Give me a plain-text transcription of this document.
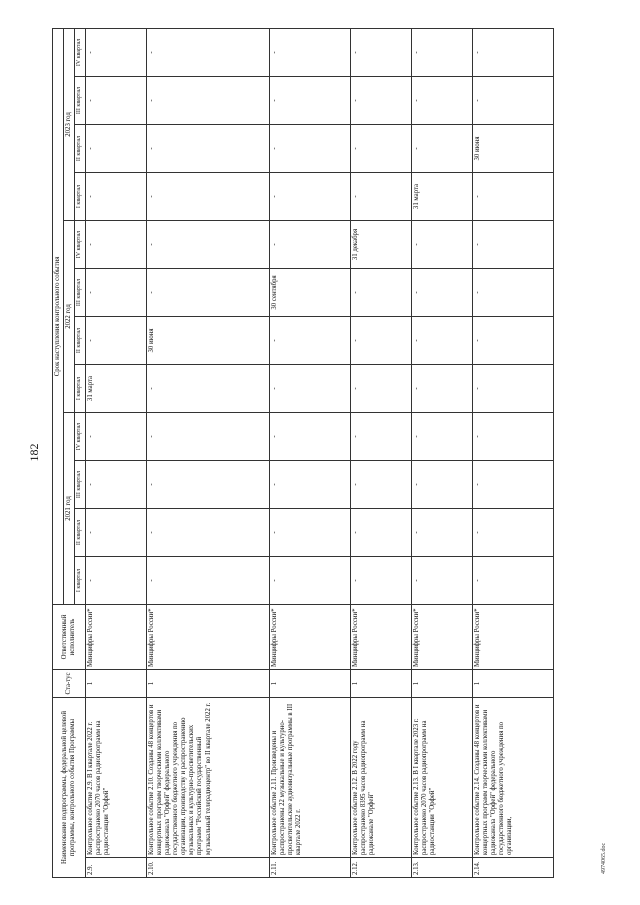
182
Наименование подпрограммы, федеральной целевой программы, контрольного события Программы		Ста-тус	Ответственный исполнитель	Срок наступления контрольного события											
				2021 год				2022 год				2023 год			
				I квартал	II квартал	III квартал	IV квартал	I квартал	II квартал	III квартал	IV квартал	I квартал	II квартал	III квартал	IV квартал
2.9.	Контрольное событие 2.9. В I квартале 2022 г. распространено 2070 часов радиопрограмм на радиостанции "Орфей"	1	Минцифры России*	-	-	-	-	31 марта	-	-	-	-	-	-	-
2.10.	Контрольное событие 2.10. Созданы 48 концертов и концертных программ творческими коллективами радиоканала "Орфей" федерального государственного бюджетного учреждения по организации, производству и распространению музыкальных и культурно-просветительских программ "Российский государственный музыкальный телерадиоцентр" во II квартале 2022 г.	1	Минцифры России*	-	-	-	-	-	30 июня	-	-	-	-	-	-
2.11.	Контрольное событие 2.11. Произведены и распространены 22 музыкальные и культурно-просветительские аудиовизуальные программы в III квартале 2022 г.	1	Минцифры России*	-	-	-	-	-	-	30 сентября	-	-	-	-	-
2.12.	Контрольное событие 2.12. В 2022 году распространено 8395 часов радиопрограмм на радиоканале "Орфей"	1	Минцифры России*	-	-	-	-	-	-	-	31 декабря	-	-	-	-
2.13.	Контрольное событие 2.13. В I квартале 2023 г. распространено 2070 часов радиопрограмм на радиостанции "Орфей"	1	Минцифры России*	-	-	-	-	-	-	-	-	31 марта	-	-	-
2.14.	Контрольное событие 2.14. Созданы 48 концертов и концертных программ творческими коллективами радиоканала "Орфей" федерального государственного бюджетного учреждения по организации,	1	Минцифры России*	-	-	-	-	-	-	-	-	-	30 июня	-	-
4974065.doc
